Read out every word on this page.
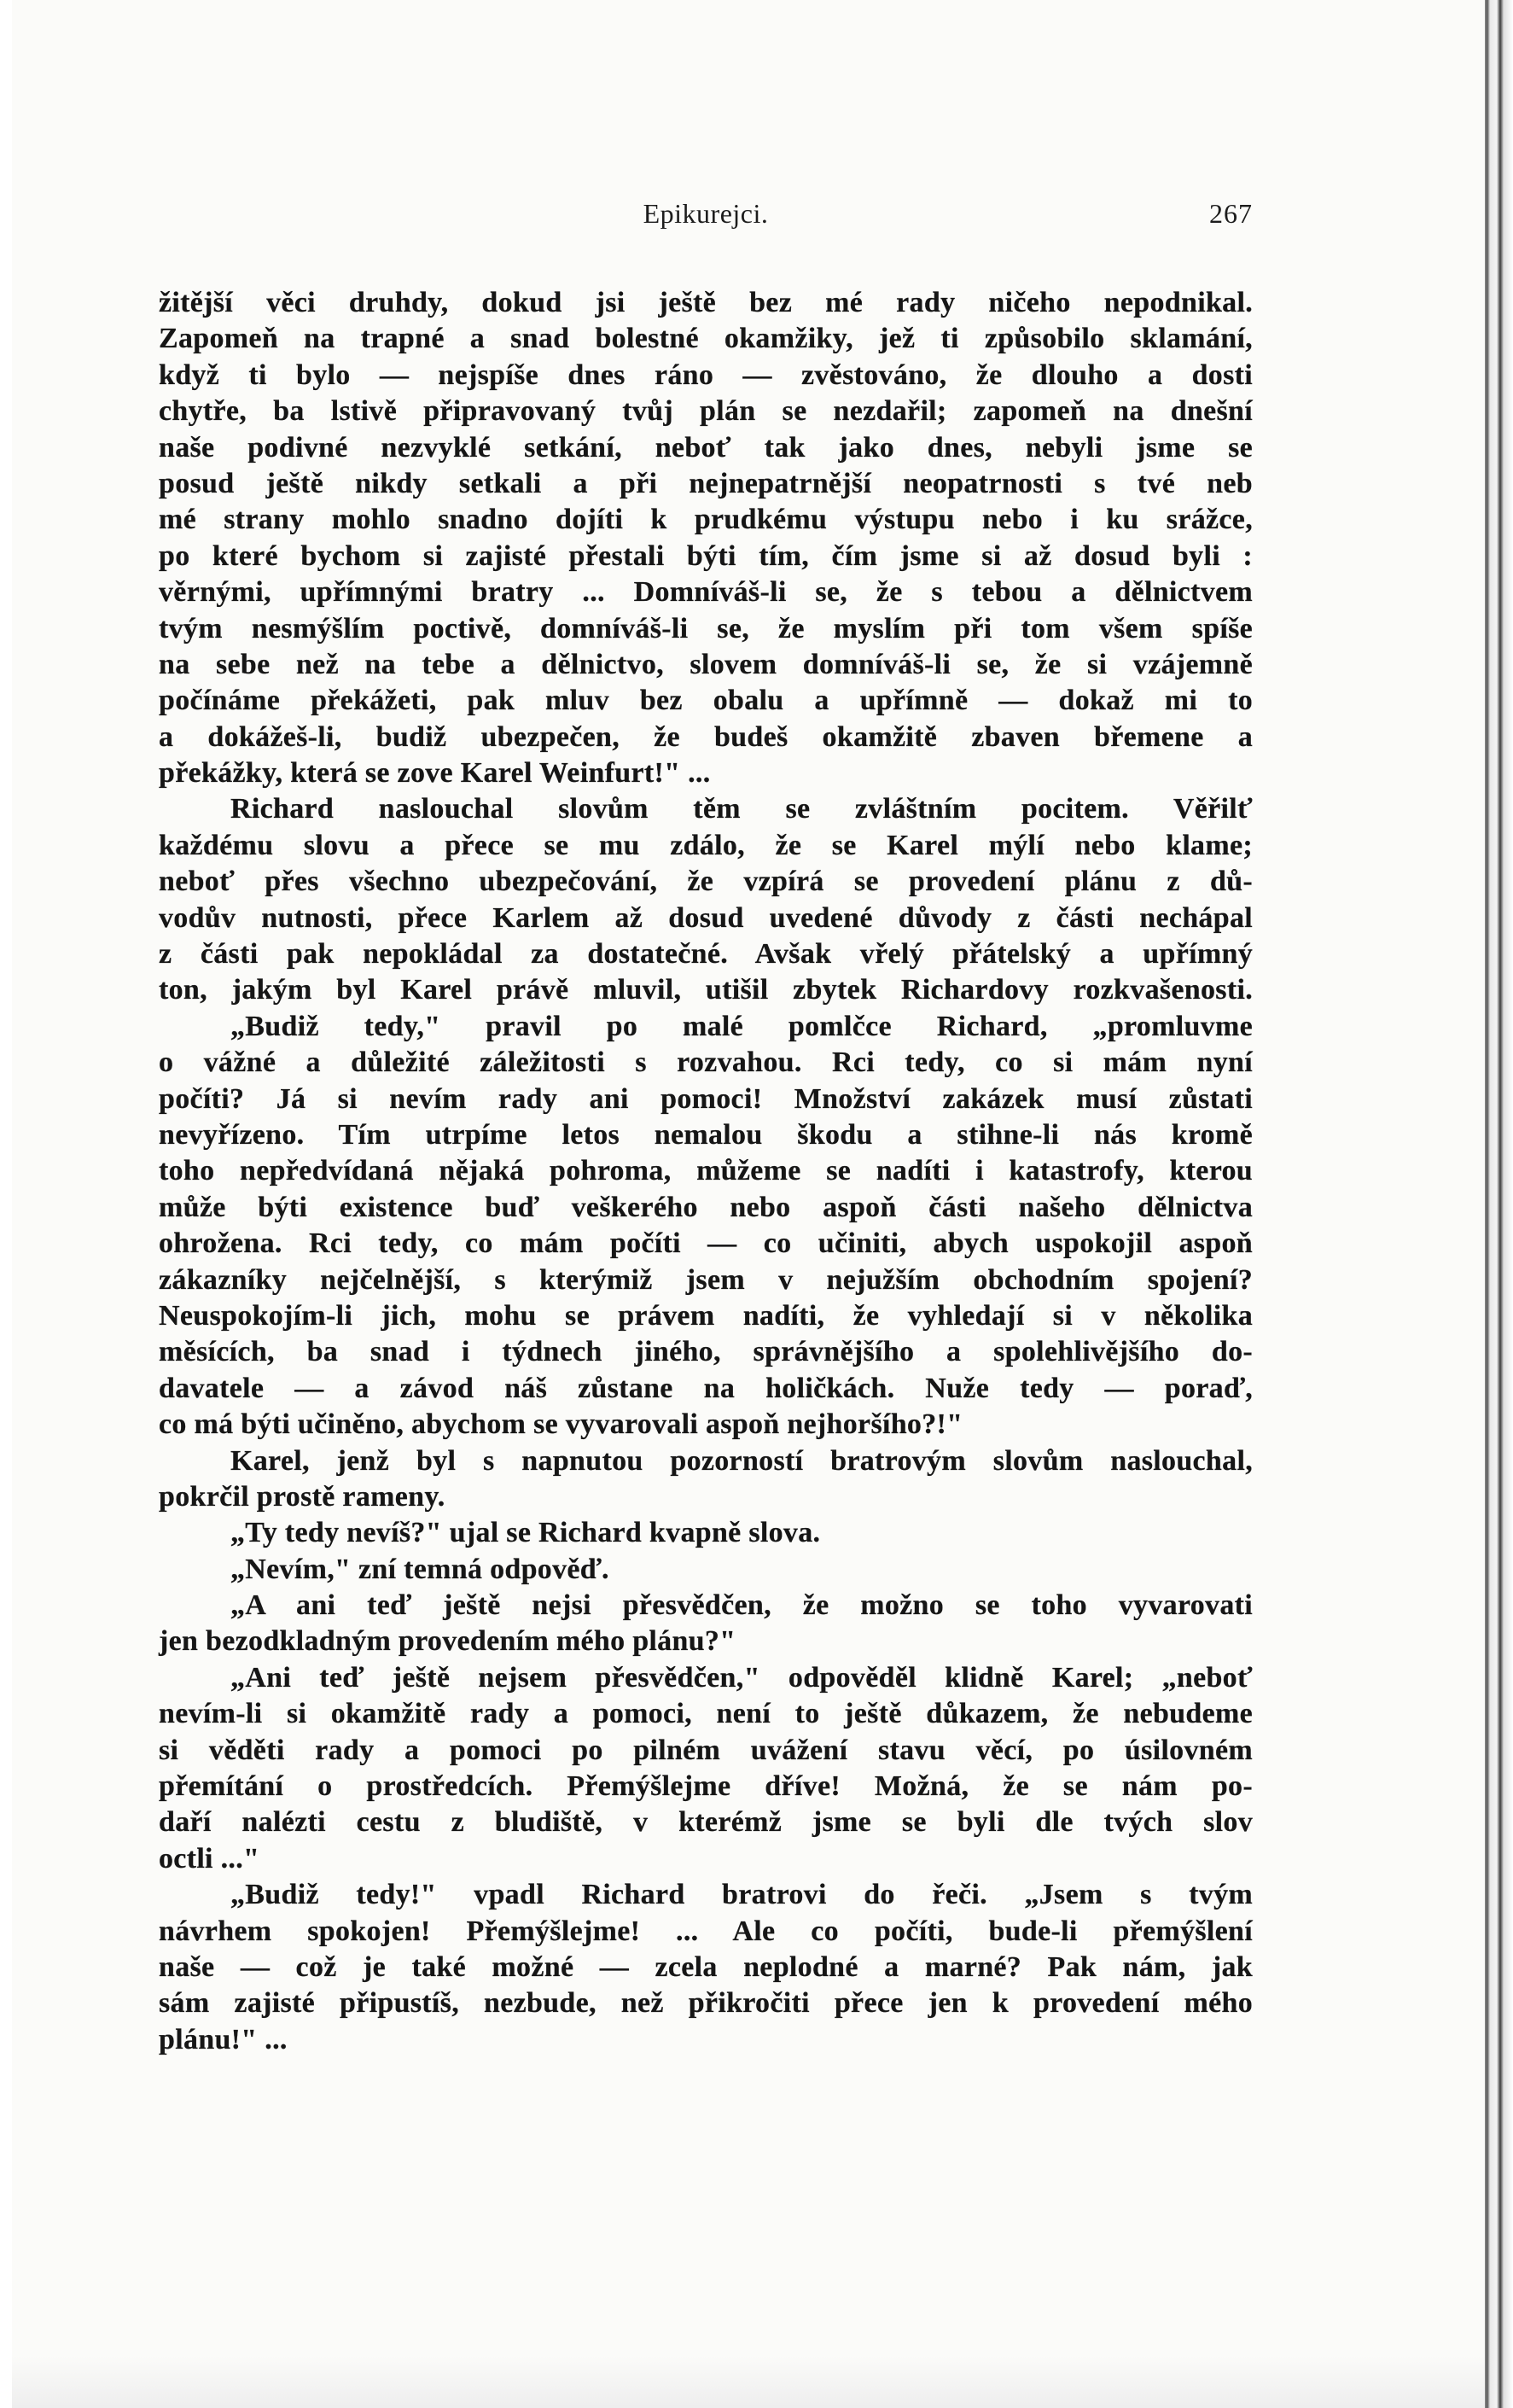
Epikurejci.	267
žitější věci druhdy, dokud jsi ještě bez mé rady ničeho nepodnikal.
Zapomeň na trapné a snad bolestné okamžiky, jež ti způsobilo sklamání,
když ti bylo — nejspíše dnes ráno — zvěstováno, že dlouho a dosti
chytře, ba lstivě připravovaný tvůj plán se nezdařil; zapomeň na dnešní
naše podivné nezvyklé setkání, neboť tak jako dnes, nebyli jsme se
posud ještě nikdy setkali a při nejnepatrnější neopatrnosti s tvé neb
mé strany mohlo snadno dojíti k prudkému výstupu nebo i ku srážce,
po které bychom si zajisté přestali býti tím, čím jsme si až dosud byli :
věrnými, upřímnými bratry ... Domníváš-li se, že s tebou a dělnictvem
tvým nesmýšlím poctivě, domníváš-li se, že myslím při tom všem spíše
na sebe než na tebe a dělnictvo, slovem domníváš-li se, že si vzájemně
počínáme překážeti, pak mluv bez obalu a upřímně — dokaž mi to
a dokážeš-li, budiž ubezpečen, že budeš okamžitě zbaven břemene a
překážky, která se zove Karel Weinfurt!" ...
Richard naslouchal slovům těm se zvláštním pocitem. Věřilť
každému slovu a přece se mu zdálo, že se Karel mýlí nebo klame;
neboť přes všechno ubezpečování, že vzpírá se provedení plánu z dů-
vodův nutnosti, přece Karlem až dosud uvedené důvody z části nechápal
z části pak nepokládal za dostatečné. Avšak vřelý přátelský a upřímný
ton, jakým byl Karel právě mluvil, utišil zbytek Richardovy rozkvašenosti.
„Budiž tedy," pravil po malé pomlčce Richard, „promluvme
o vážné a důležité záležitosti s rozvahou. Rci tedy, co si mám nyní
počíti? Já si nevím rady ani pomoci! Množství zakázek musí zůstati
nevyřízeno. Tím utrpíme letos nemalou škodu a stihne-li nás kromě
toho nepředvídaná nějaká pohroma, můžeme se nadíti i katastrofy, kterou
může býti existence buď veškerého nebo aspoň části našeho dělnictva
ohrožena. Rci tedy, co mám počíti — co učiniti, abych uspokojil aspoň
zákazníky nejčelnější, s kterýmiž jsem v nejužším obchodním spojení?
Neuspokojím-li jich, mohu se právem nadíti, že vyhledají si v několika
měsících, ba snad i týdnech jiného, správnějšího a spolehlivějšího do-
davatele — a závod náš zůstane na holičkách. Nuže tedy — poraď,
co má býti učiněno, abychom se vyvarovali aspoň nejhoršího?!"
Karel, jenž byl s napnutou pozorností bratrovým slovům naslouchal,
pokrčil prostě rameny.
„Ty tedy nevíš?" ujal se Richard kvapně slova.
„Nevím," zní temná odpověď.
„A ani teď ještě nejsi přesvědčen, že možno se toho vyvarovati
jen bezodkladným provedením mého plánu?"
„Ani teď ještě nejsem přesvědčen," odpověděl klidně Karel; „neboť
nevím-li si okamžitě rady a pomoci, není to ještě důkazem, že nebudeme
si věděti rady a pomoci po pilném uvážení stavu věcí, po úsilovném
přemítání o prostředcích. Přemýšlejme dříve! Možná, že se nám po-
daří nalézti cestu z bludiště, v kterémž jsme se byli dle tvých slov
octli ..."
„Budiž tedy!" vpadl Richard bratrovi do řeči. „Jsem s tvým
návrhem spokojen! Přemýšlejme! ... Ale co počíti, bude-li přemýšlení
naše — což je také možné — zcela neplodné a marné? Pak nám, jak
sám zajisté připustíš, nezbude, než přikročiti přece jen k provedení mého
plánu!" ...
